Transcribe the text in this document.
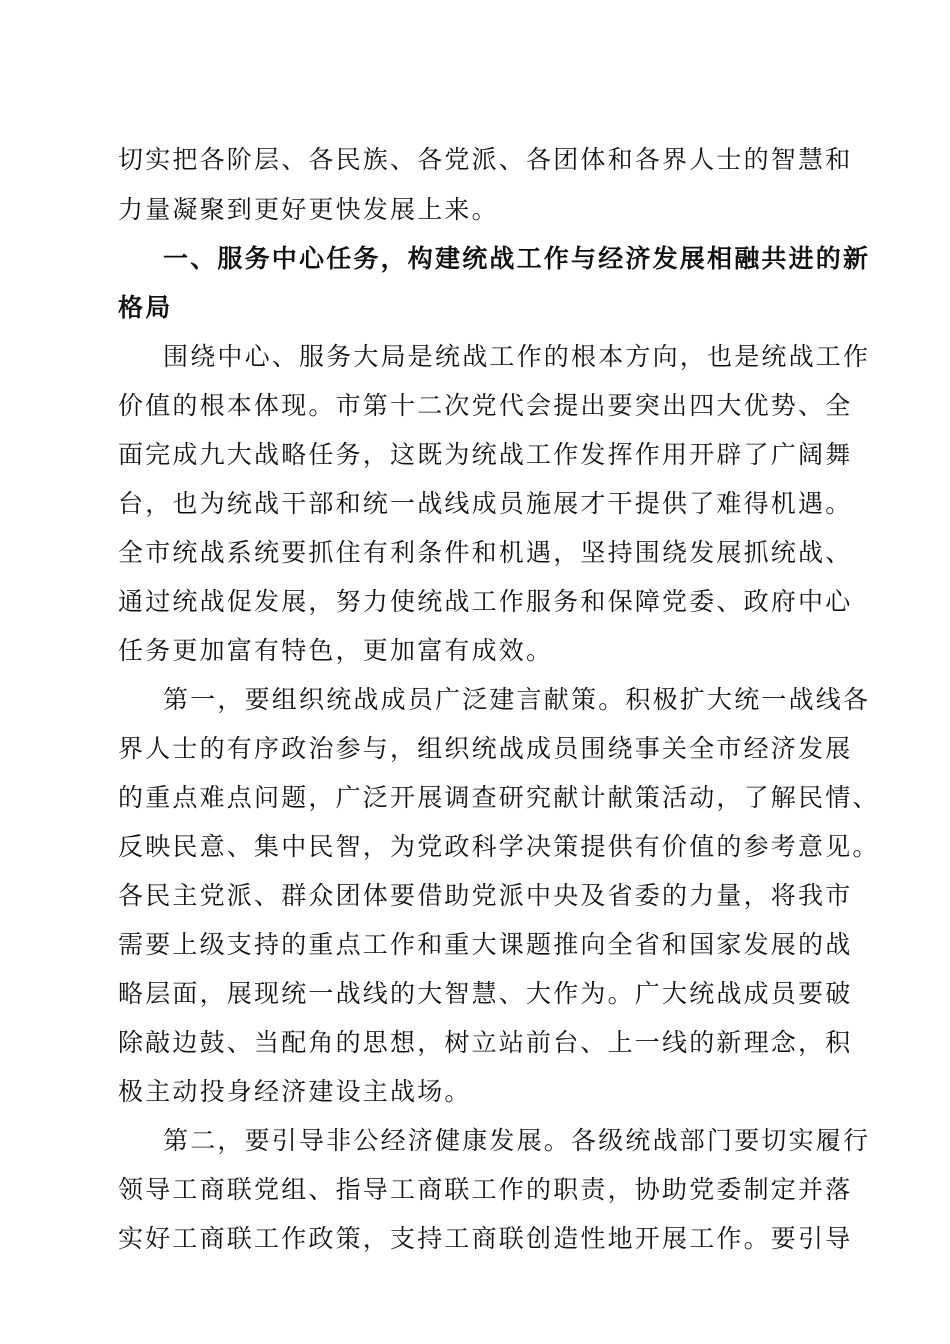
切实把各阶层、各民族、各党派、各团体和各界人士的智慧和
力量凝聚到更好更快发展上来。
一、服务中心任务，构建统战工作与经济发展相融共进的新
格局
围绕中心、服务大局是统战工作的根本方向，也是统战工作
价值的根本体现。市第十二次党代会提出要突出四大优势、全
面完成九大战略任务，这既为统战工作发挥作用开辟了广阔舞
台，也为统战干部和统一战线成员施展才干提供了难得机遇。
全市统战系统要抓住有利条件和机遇，坚持围绕发展抓统战、
通过统战促发展，努力使统战工作服务和保障党委、政府中心
任务更加富有特色，更加富有成效。
第一，要组织统战成员广泛建言献策。积极扩大统一战线各
界人士的有序政治参与，组织统战成员围绕事关全市经济发展
的重点难点问题，广泛开展调查研究献计献策活动，了解民情、
反映民意、集中民智，为党政科学决策提供有价值的参考意见。
各民主党派、群众团体要借助党派中央及省委的力量，将我市
需要上级支持的重点工作和重大课题推向全省和国家发展的战
略层面，展现统一战线的大智慧、大作为。广大统战成员要破
除敲边鼓、当配角的思想，树立站前台、上一线的新理念，积
极主动投身经济建设主战场。
第二，要引导非公经济健康发展。各级统战部门要切实履行
领导工商联党组、指导工商联工作的职责，协助党委制定并落
实好工商联工作政策，支持工商联创造性地开展工作。要引导
